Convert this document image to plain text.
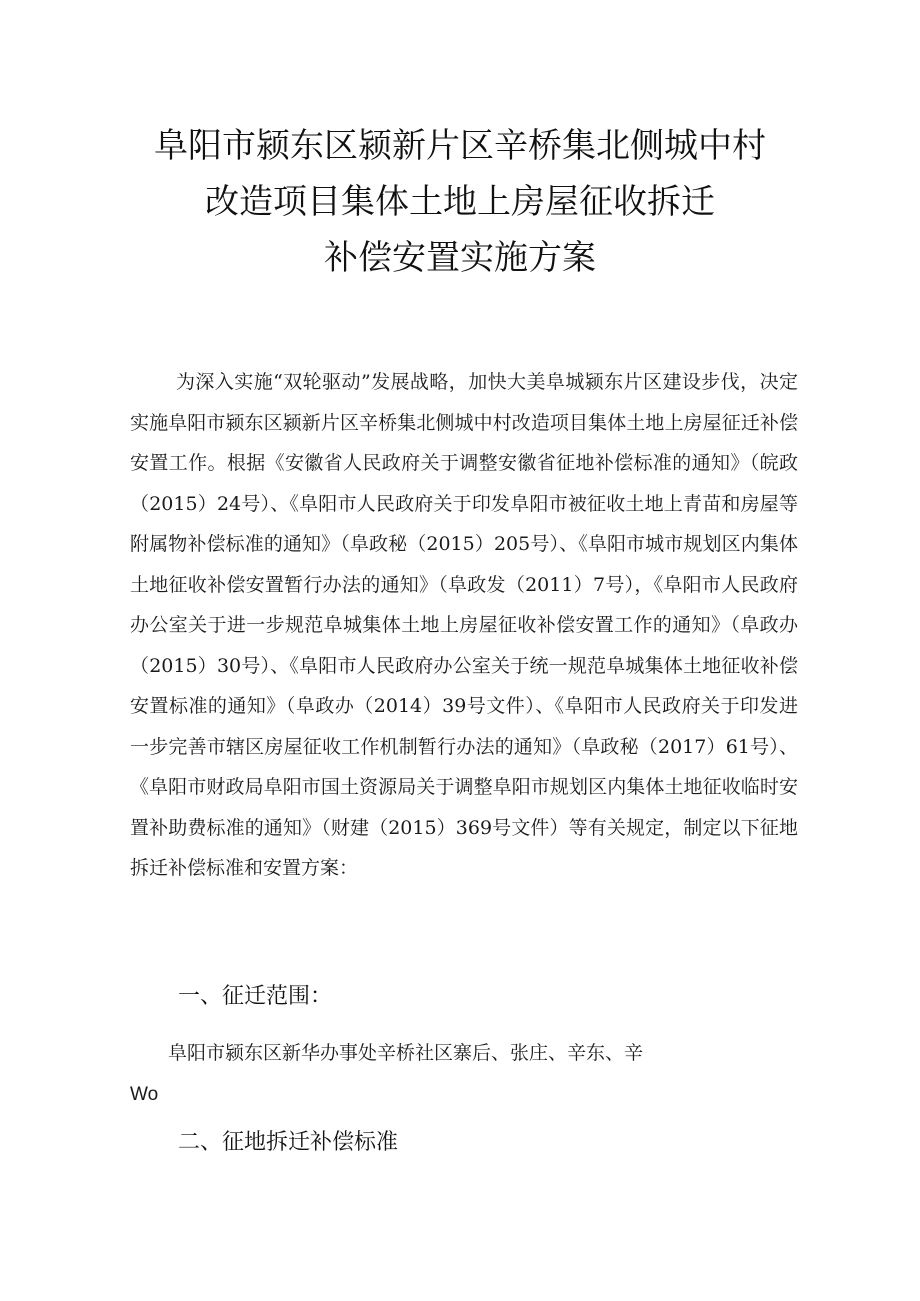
阜阳市颍东区颍新片区辛桥集北侧城中村
改造项目集体土地上房屋征收拆迁
补偿安置实施方案

为深入实施“双轮驱动”发展战略，加快大美阜城颍东片区建设步伐，决定实施阜阳市颍东区颍新片区辛桥集北侧城中村改造项目集体土地上房屋征迁补偿安置工作。根据《安徽省人民政府关于调整安徽省征地补偿标准的通知》（皖政（2015）24号）、《阜阳市人民政府关于印发阜阳市被征收土地上青苗和房屋等附属物补偿标准的通知》（阜政秘（2015）205号）、《阜阳市城市规划区内集体土地征收补偿安置暂行办法的通知》（阜政发（2011）7号），《阜阳市人民政府办公室关于进一步规范阜城集体土地上房屋征收补偿安置工作的通知》（阜政办（2015）30号）、《阜阳市人民政府办公室关于统一规范阜城集体土地征收补偿安置标准的通知》（阜政办（2014）39号文件）、《阜阳市人民政府关于印发进一步完善市辖区房屋征收工作机制暂行办法的通知》（阜政秘（2017）61号）、《阜阳市财政局阜阳市国土资源局关于调整阜阳市规划区内集体土地征收临时安置补助费标准的通知》（财建（2015）369号文件）等有关规定，制定以下征地拆迁补偿标准和安置方案：

一、征迁范围：
阜阳市颍东区新华办事处辛桥社区寨后、张庄、辛东、辛
Wo
二、征地拆迁补偿标准
